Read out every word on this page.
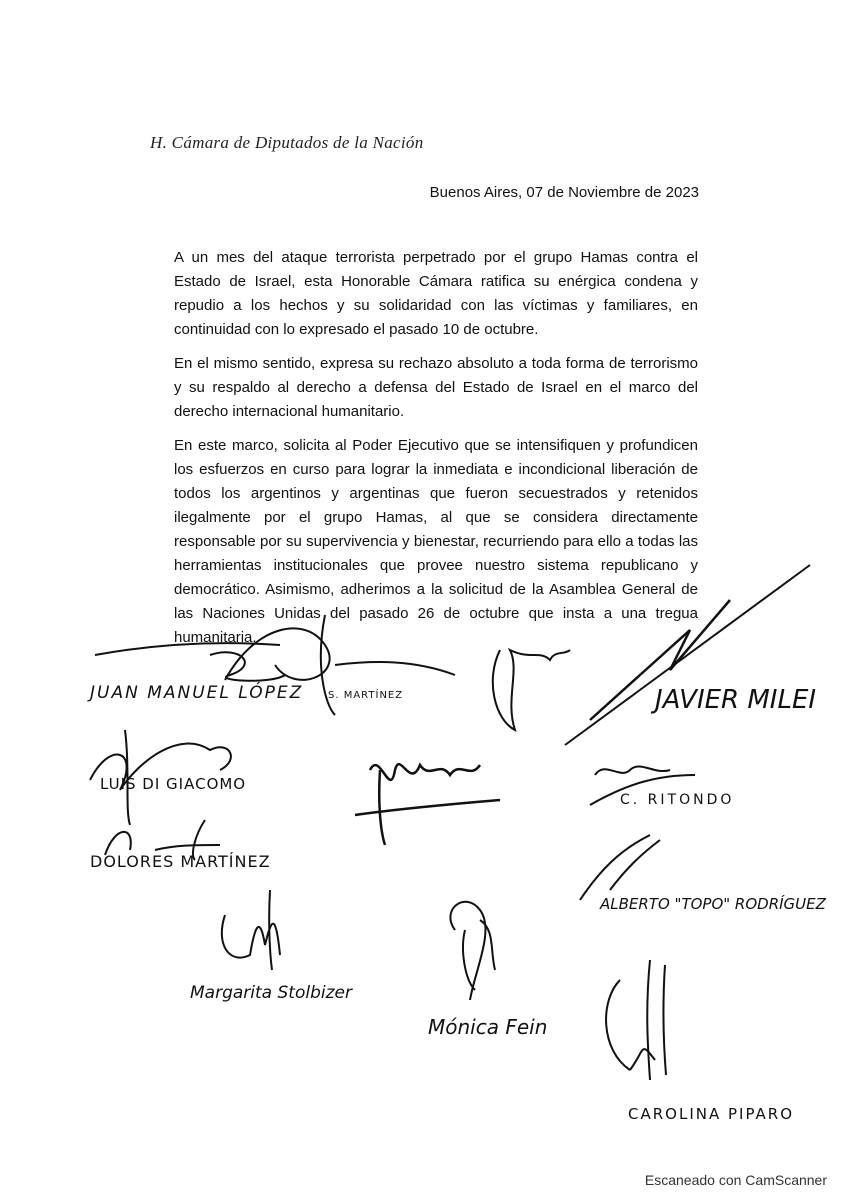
H. Cámara de Diputados de la Nación
Buenos Aires, 07 de Noviembre de 2023

A un mes del ataque terrorista perpetrado por el grupo Hamas contra el Estado de Israel, esta Honorable Cámara ratifica su enérgica condena y repudio a los hechos y su solidaridad con las víctimas y familiares, en continuidad con lo expresado el pasado 10 de octubre.

En el mismo sentido, expresa su rechazo absoluto a toda forma de terrorismo y su respaldo al derecho a defensa del Estado de Israel en el marco del derecho internacional humanitario.

En este marco, solicita al Poder Ejecutivo que se intensifiquen y profundicen los esfuerzos en curso para lograr la inmediata e incondicional liberación de todos los argentinos y argentinas que fueron secuestrados y retenidos ilegalmente por el grupo Hamas, al que se considera directamente responsable por su supervivencia y bienestar, recurriendo para ello a todas las herramientas institucionales que provee nuestro sistema republicano y democrático. Asimismo, adherimos a la solicitud de la Asamblea General de las Naciones Unidas del pasado 26 de octubre que insta a una tregua humanitaria.

JUAN MANUEL LÓPEZ S. MARTÍNEZ	JAVIER MILEI
LUIS DI GIACOMO
C. RITONDO
DOLORES MARTÍNEZ
ALBERTO "TOPO" RODRÍGUEZ
Margarita Stolbizer
Mónica Fein
CAROLINA PIPARO
Escaneado con CamScanner
